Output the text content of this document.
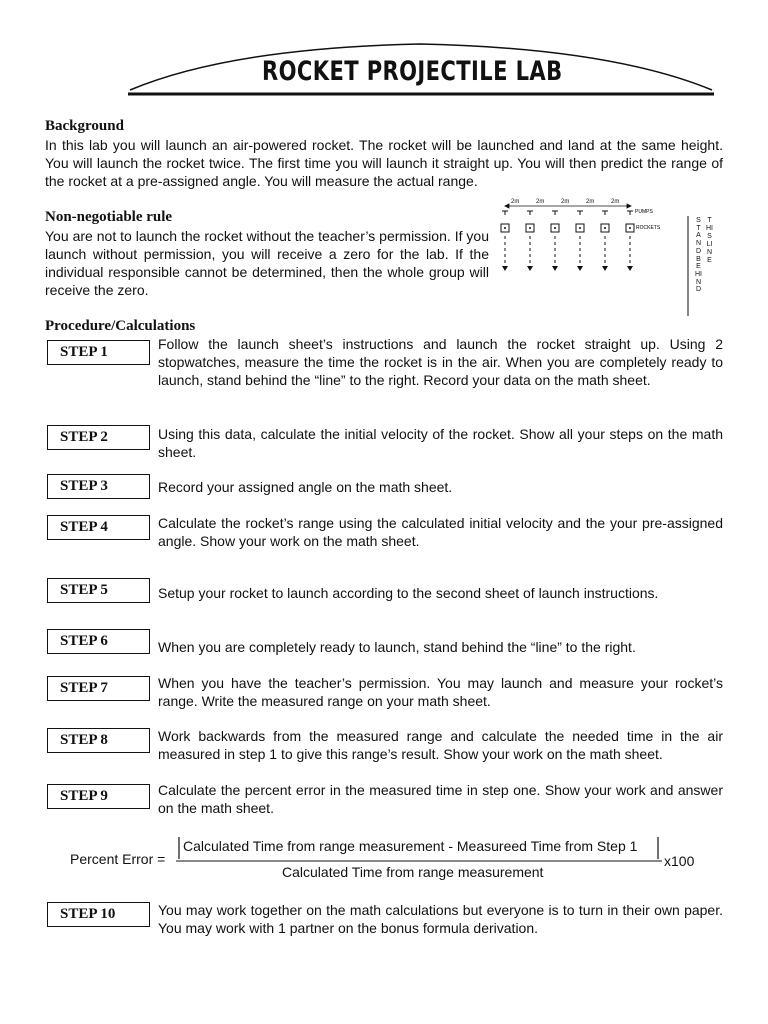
ROCKET PROJECTILE LAB
Background
In this lab you will launch an air-powered rocket. The rocket will be launched and land at the same height. You will launch the rocket twice. The first time you will launch it straight up. You will then predict the range of the rocket at a pre-assigned angle. You will measure the actual range.
Non-negotiable rule
You are not to launch the rocket without the teacher’s permission. If you launch without permission, you will receive a zero for the lab. If the individual responsible cannot be determined, then the whole group will receive the zero.
2m	2m	2m	2m	2m
PUMPS
ROCKETS
STAND BEHIND
THIS LINE
Procedure/Calculations
STEP 1	Follow the launch sheet’s instructions and launch the rocket straight up. Using 2 stopwatches, measure the time the rocket is in the air. When you are completely ready to launch, stand behind the “line” to the right. Record your data on the math sheet.
STEP 2	Using this data, calculate the initial velocity of the rocket. Show all your steps on the math sheet.
STEP 3	Record your assigned angle on the math sheet.
STEP 4	Calculate the rocket’s range using the calculated initial velocity and the your pre-assigned angle. Show your work on the math sheet.
STEP 5	Setup your rocket to launch according to the second sheet of launch instructions.
STEP 6	When you are completely ready to launch, stand behind the “line” to the right.
STEP 7	When you have the teacher’s permission. You may launch and measure your rocket’s range. Write the measured range on your math sheet.
STEP 8	Work backwards from the measured range and calculate the needed time in the air measured in step 1 to give this range’s result. Show your work on the math sheet.
STEP 9	Calculate the percent error in the measured time in step one. Show your work and answer on the math sheet.
Percent Error =
Calculated Time from range measurement - Measureed Time from Step 1
Calculated Time from range measurement
x100
STEP 10	You may work together on the math calculations but everyone is to turn in their own paper. You may work with 1 partner on the bonus formula derivation.
